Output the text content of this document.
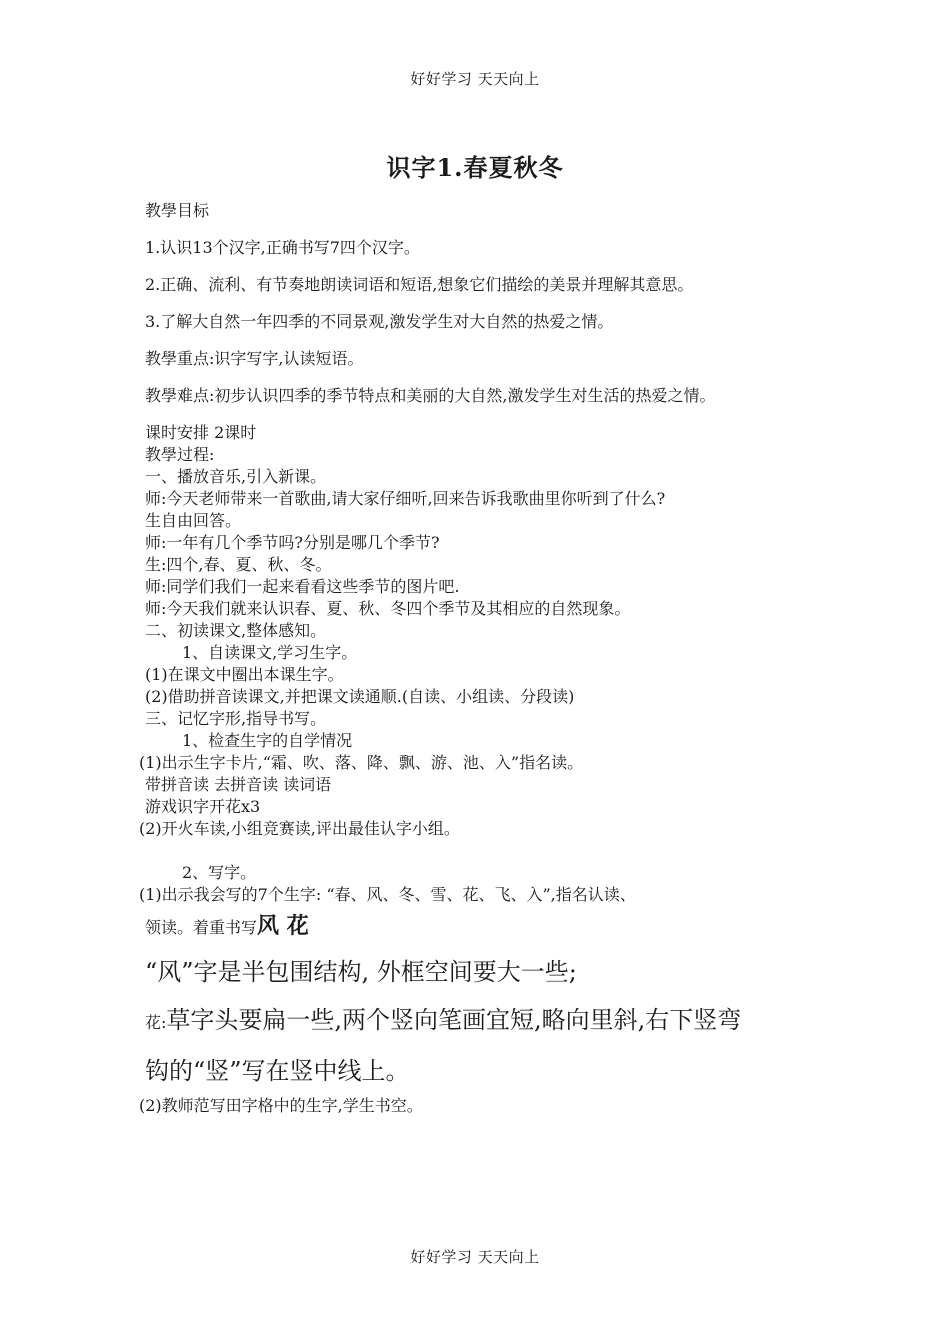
好好学习 天天向上
识字1.春夏秋冬

教學目标

1.认识13个汉字,正确书写7四个汉字。

2.正确、流利、有节奏地朗读词语和短语,想象它们描绘的美景并理解其意思。

3.了解大自然一年四季的不同景观,激发学生对大自然的热爱之情。

教學重点:识字写字,认读短语。

教學难点:初步认识四季的季节特点和美丽的大自然,激发学生对生活的热爱之情。

课时安排 2课时

教學过程:

一、播放音乐,引入新课。

师:今天老师带来一首歌曲,请大家仔细听,回来告诉我歌曲里你听到了什么?

生自由回答。

师:一年有几个季节吗?分别是哪几个季节?

生:四个,春、夏、秋、冬。

师:同学们我们一起来看看这些季节的图片吧.

师:今天我们就来认识春、夏、秋、冬四个季节及其相应的自然现象。

二、初读课文,整体感知。

1、自读课文,学习生字。

(1)在课文中圈出本课生字。

(2)借助拼音读课文,并把课文读通顺.(自读、小组读、分段读)

三、记忆字形,指导书写。

1、检查生字的自学情况

(1)出示生字卡片,“霜、吹、落、降、飘、游、池、入”指名读。

带拼音读 去拼音读 读词语

游戏识字开花x3

(2)开火车读,小组竞赛读,评出最佳认字小组。

2、写字。

(1)出示我会写的7个生字: “春、风、冬、雪、花、飞、入”,指名认读、

领读。着重书写风 花

“风”字是半包围结构, 外框空间要大一些;

花:草字头要扁一些,两个竖向笔画宜短,略向里斜,右下竖弯

钩的“竖”写在竖中线上。

(2)教师范写田字格中的生字,学生书空。

好好学习 天天向上
